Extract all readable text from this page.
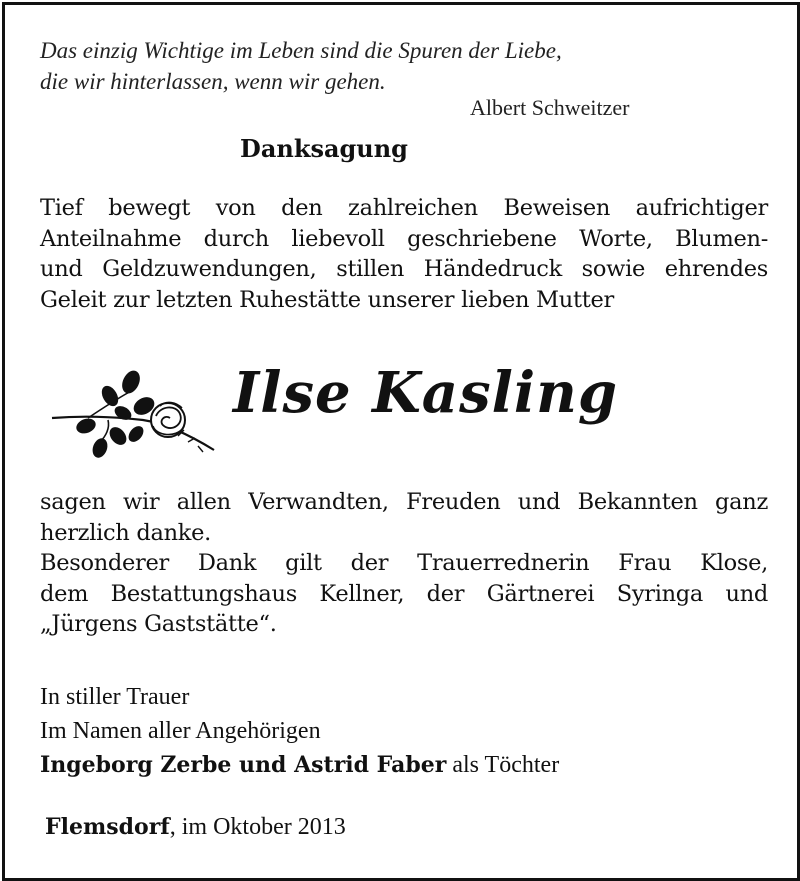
Das einzig Wichtige im Leben sind die Spuren der Liebe,
die wir hinterlassen, wenn wir gehen.
Albert Schweitzer
Danksagung

Tief bewegt von den zahlreichen Beweisen aufrichtiger

Anteilnahme durch liebevoll geschriebene Worte, Blumen-

und Geldzuwendungen, stillen Händedruck sowie ehrendes

Geleit zur letzten Ruhestätte unserer lieben Mutter

Ilse Kasling

sagen wir allen Verwandten, Freuden und Bekannten ganz

herzlich danke.

Besonderer Dank gilt der Trauerrednerin Frau Klose,

dem Bestattungshaus Kellner, der Gärtnerei Syringa und

„Jürgens Gaststätte“.

In stiller Trauer
Im Namen aller Angehörigen
Ingeborg Zerbe und Astrid Faber als Töchter
Flemsdorf, im Oktober 2013
